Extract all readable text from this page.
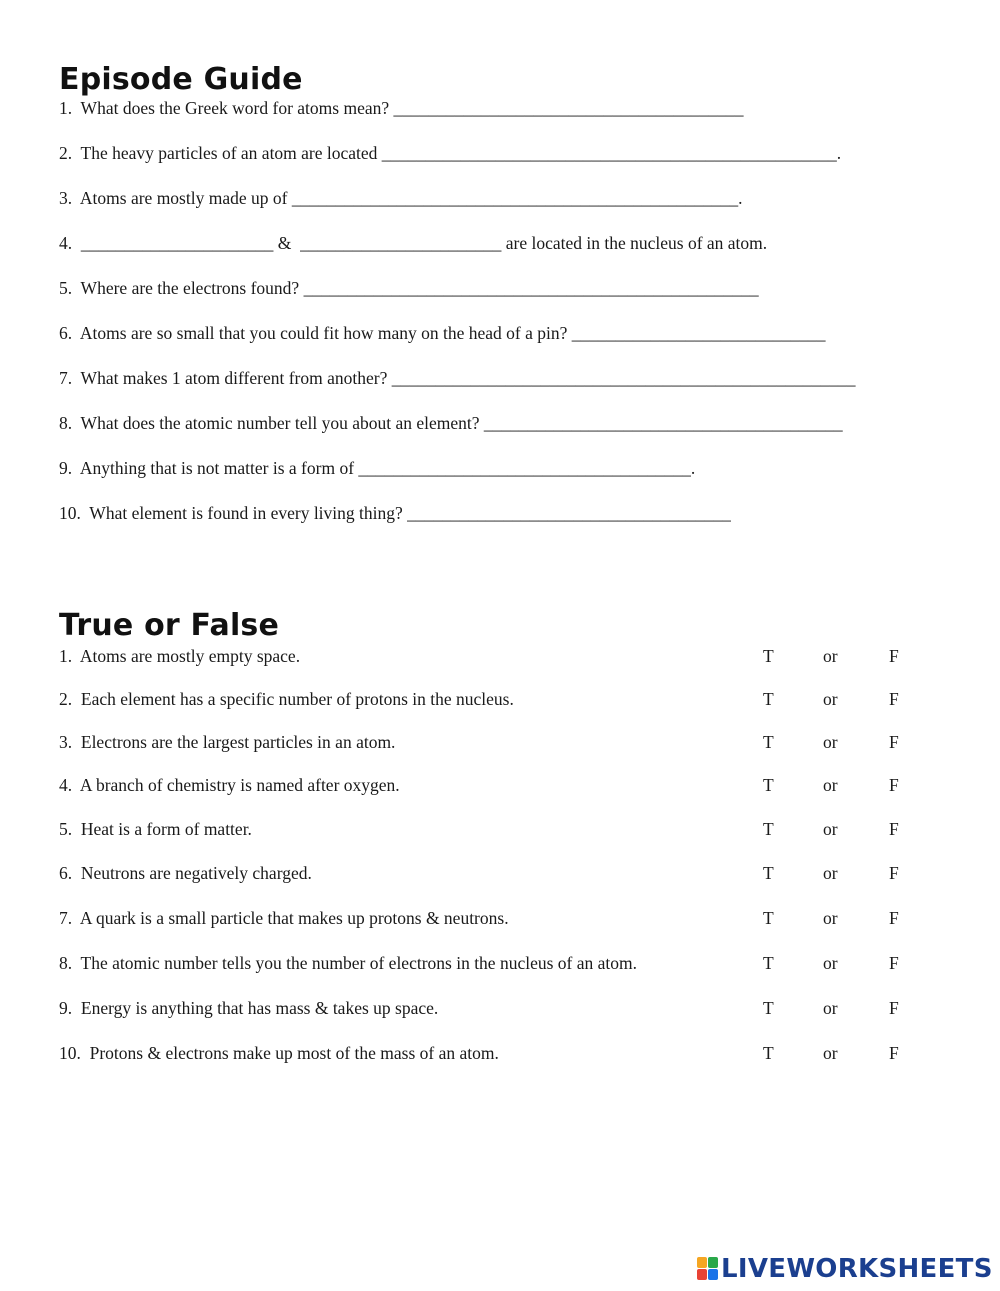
Episode Guide
1.  What does the Greek word for atoms mean? ________________________________________
2.  The heavy particles of an atom are located ____________________________________________________.
3.  Atoms are mostly made up of ___________________________________________________.
4.  ______________________ &  _______________________ are located in the nucleus of an atom.
5.  Where are the electrons found? ____________________________________________________
6.  Atoms are so small that you could fit how many on the head of a pin? _____________________________
7.  What makes 1 atom different from another? _____________________________________________________
8.  What does the atomic number tell you about an element? _________________________________________
9.  Anything that is not matter is a form of ______________________________________.
10.  What element is found in every living thing? _____________________________________
True or False
1.  Atoms are mostly empty space.	T	or	F
2.  Each element has a specific number of protons in the nucleus.	T	or	F
3.  Electrons are the largest particles in an atom.	T	or	F
4.  A branch of chemistry is named after oxygen.	T	or	F
5.  Heat is a form of matter.	T	or	F
6.  Neutrons are negatively charged.	T	or	F
7.  A quark is a small particle that makes up protons & neutrons.	T	or	F
8.  The atomic number tells you the number of electrons in the nucleus of an atom.	T	or	F
9.  Energy is anything that has mass & takes up space.	T	or	F
10.  Protons & electrons make up most of the mass of an atom.	T	or	F
LIVEWORKSHEETS
